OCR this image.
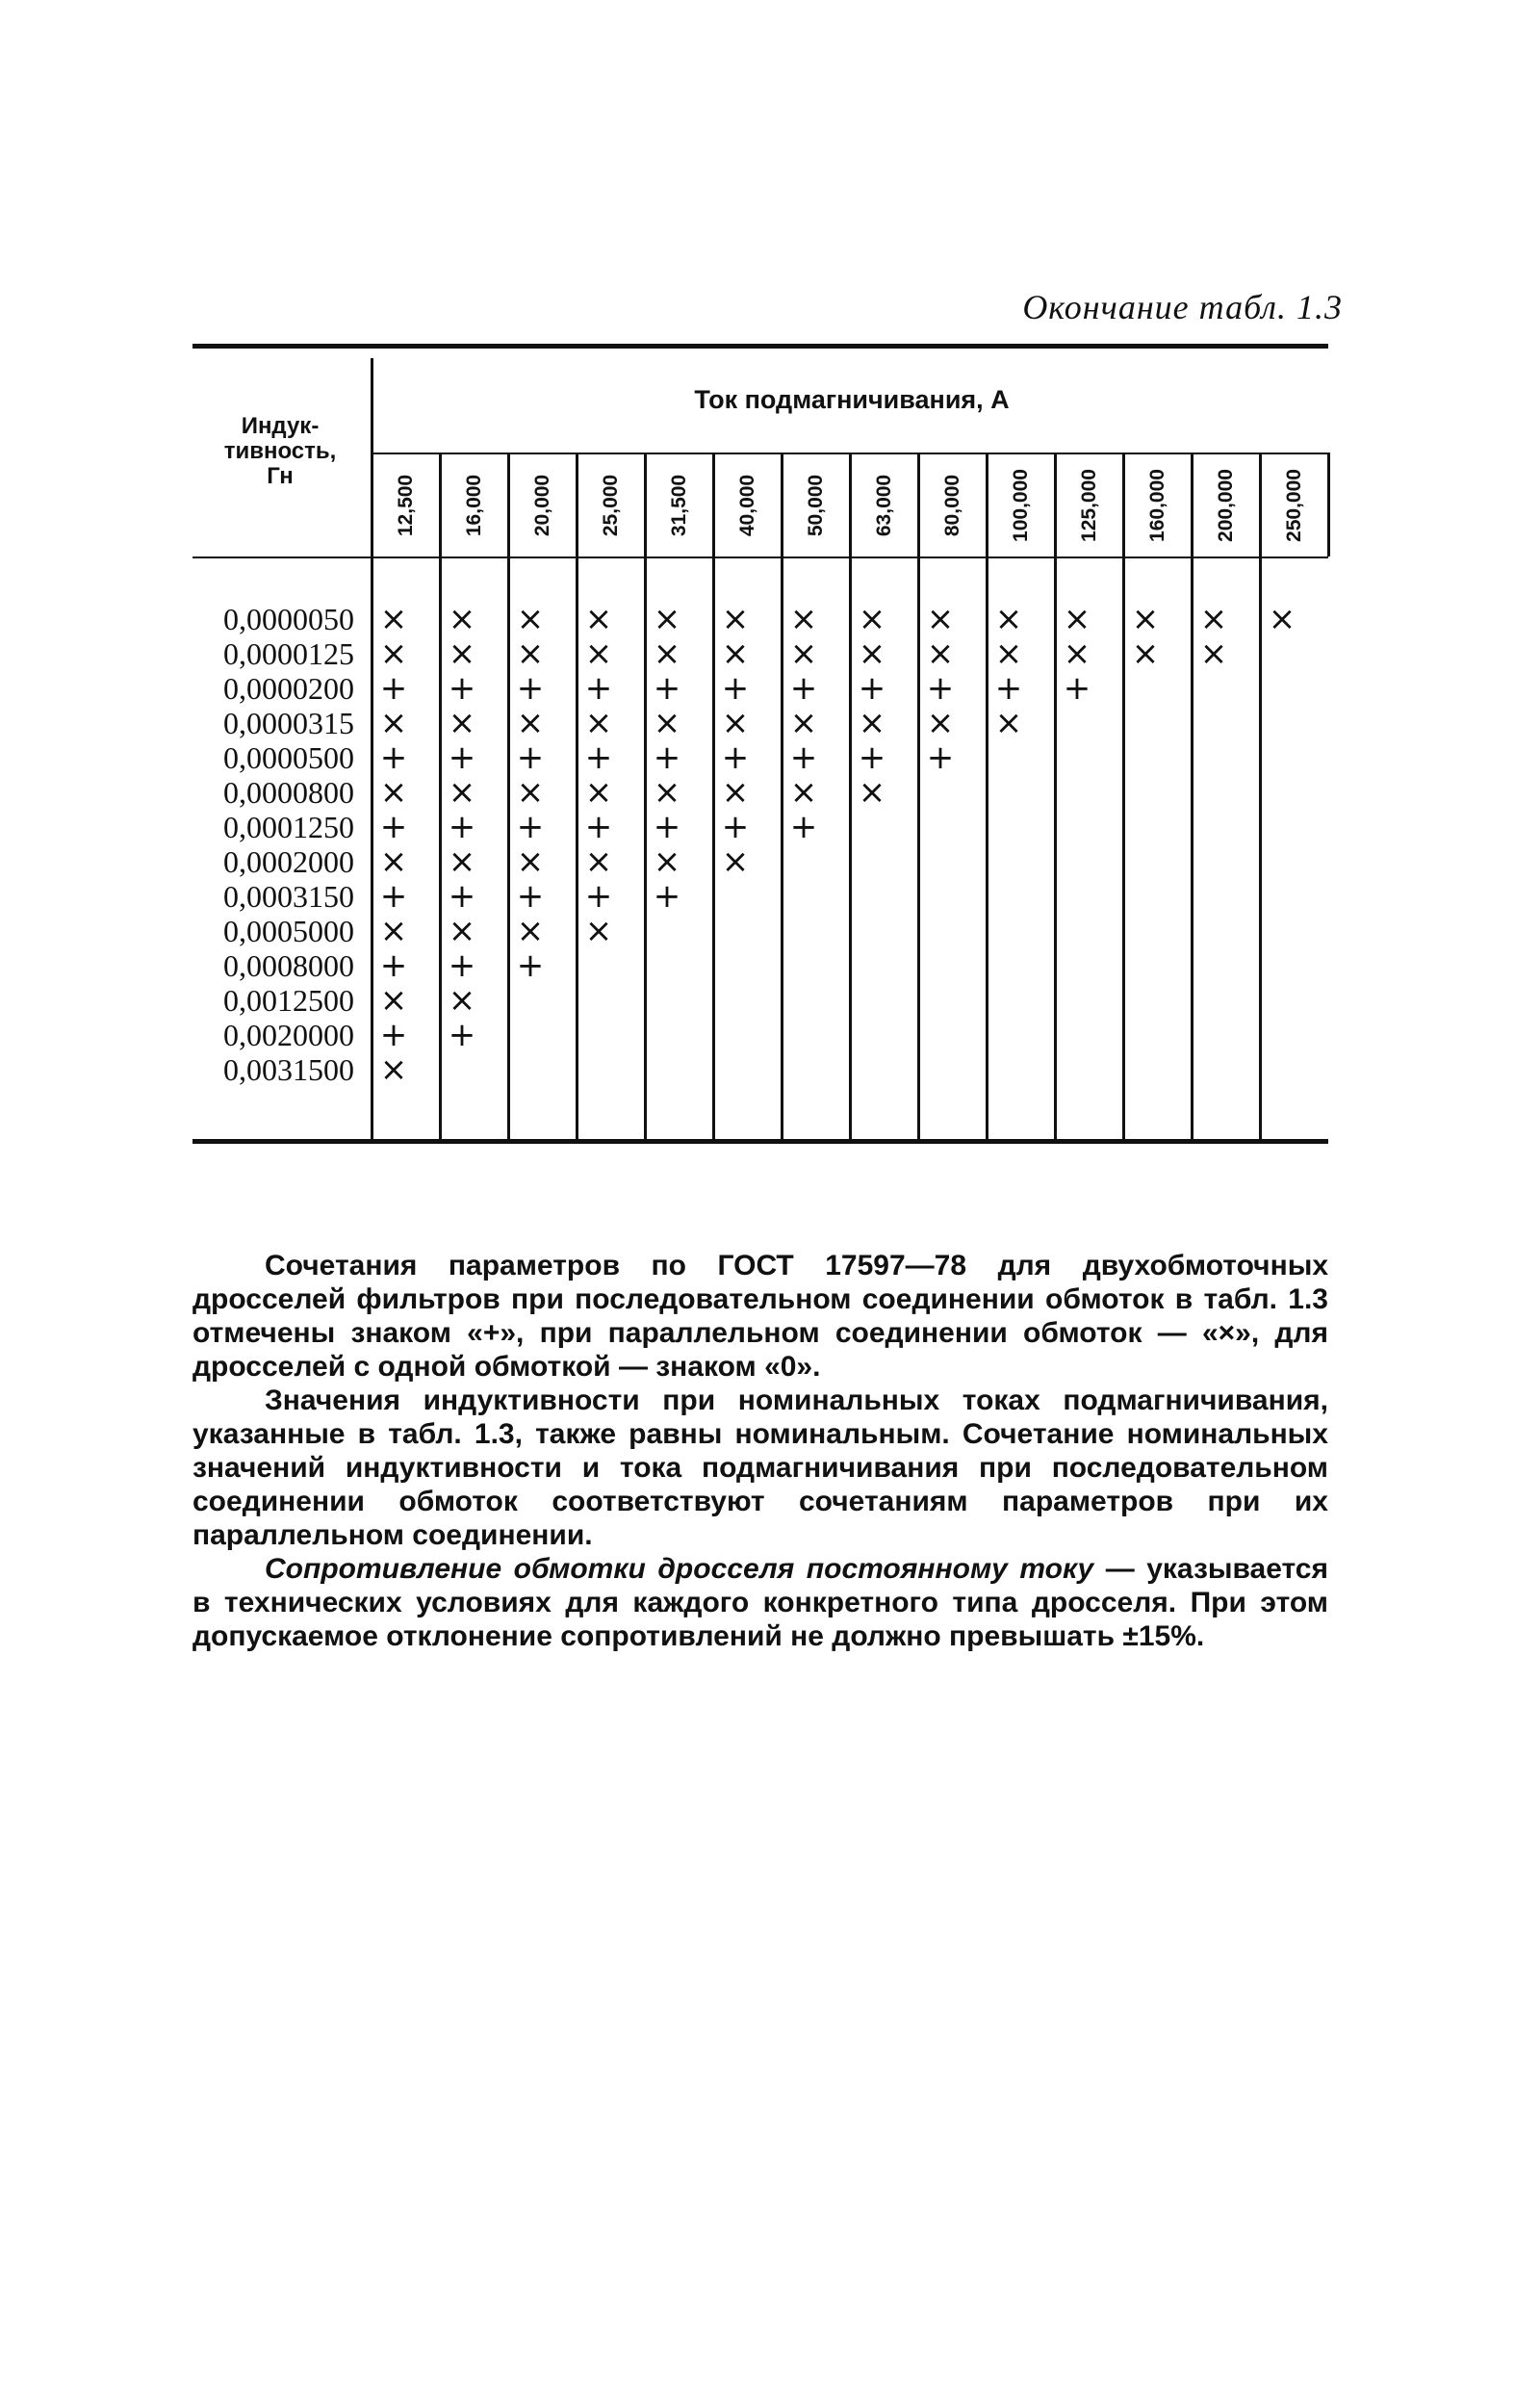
Окончание табл. 1.3
Индук-
тивность,
Гн
Ток подмагничивания, А
12,500 16,000 20,000 25,000 31,500 40,000 50,000 63,000 80,000 100,000 125,000 160,000 200,000 250,000
0,0000050
0,0000125
0,0000200
0,0000315
0,0000500
0,0000800
0,0001250
0,0002000
0,0003150
0,0005000
0,0008000
0,0012500
0,0020000
0,0031500
× × × × × × × × × × × × × ×
× × × × × × × × × × × × ×
+ + + + + + + + + + +
× × × × × × × × × ×
+ + + + + + + + +
× × × × × × × ×
+ + + + + + +
× × × × × ×
+ + + + +
× × × ×
+ + +
× ×
+ +
×

Сочетания параметров по ГОСТ 17597—78 для двухобмоточных дросселей фильтров при последовательном соединении обмоток в табл. 1.3 отмечены знаком «+», при параллельном соединении обмоток — «×», для дросселей с одной обмоткой — знаком «0».

Значения индуктивности при номинальных токах подмагничивания, указанные в табл. 1.3, также равны номинальным. Сочетание номинальных значений индуктивности и тока подмагничивания при последовательном соединении обмоток соответствуют сочетаниям параметров при их параллельном соединении.

Сопротивление обмотки дросселя постоянному току — указывается в технических условиях для каждого конкретного типа дросселя. При этом допускаемое отклонение сопротивлений не должно превышать ±15%.
